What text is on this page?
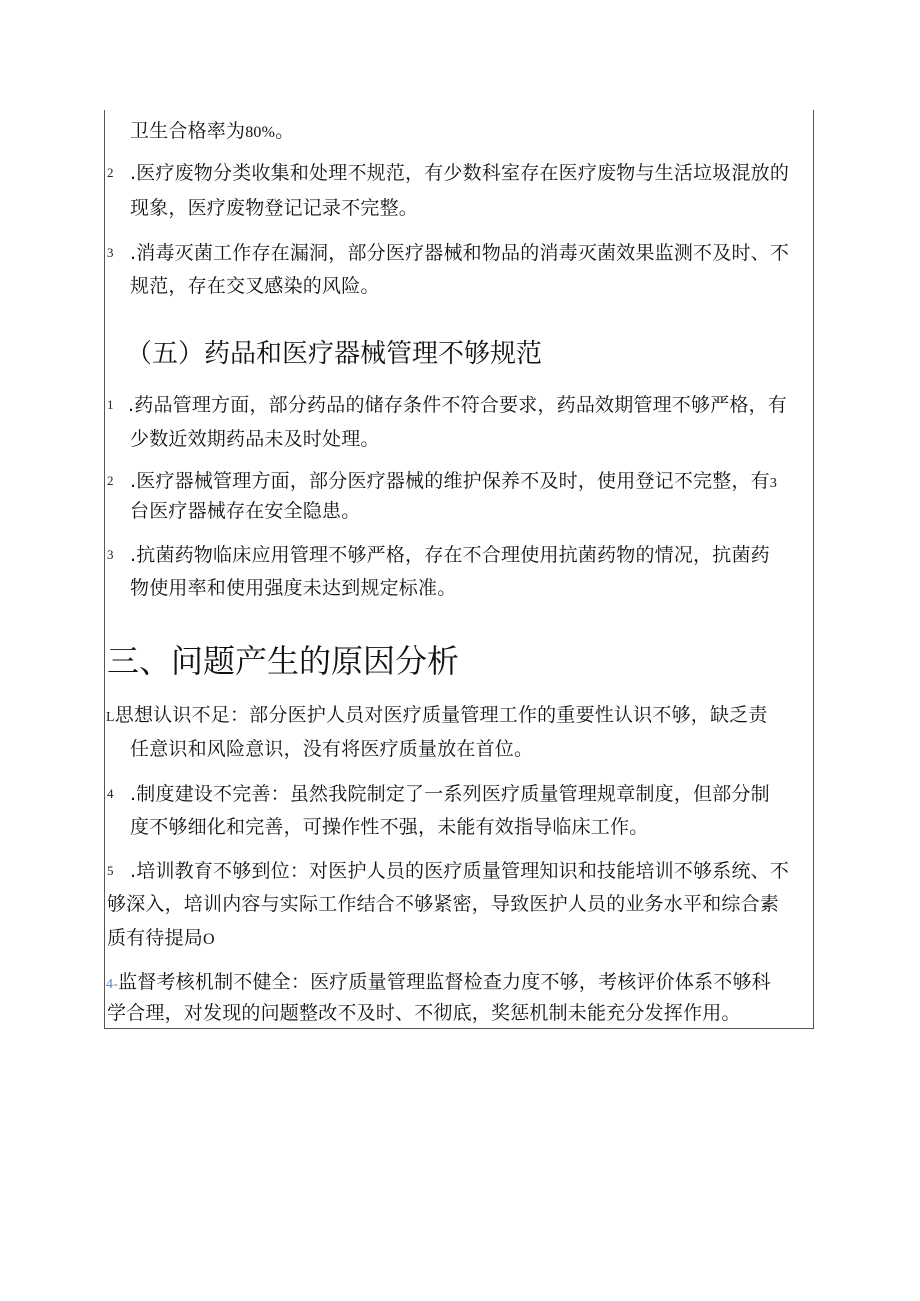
卫生合格率为80%。
2 .医疗废物分类收集和处理不规范，有少数科室存在医疗废物与生活垃圾混放的
现象，医疗废物登记记录不完整。
3 .消毒灭菌工作存在漏洞，部分医疗器械和物品的消毒灭菌效果监测不及时、不
规范，存在交叉感染的风险。
（五）药品和医疗器械管理不够规范
1 .药品管理方面，部分药品的储存条件不符合要求，药品效期管理不够严格，有
少数近效期药品未及时处理。
2 .医疗器械管理方面，部分医疗器械的维护保养不及时，使用登记不完整，有3
台医疗器械存在安全隐患。
3 .抗菌药物临床应用管理不够严格，存在不合理使用抗菌药物的情况，抗菌药
物使用率和使用强度未达到规定标准。
三、问题产生的原因分析
L思想认识不足：部分医护人员对医疗质量管理工作的重要性认识不够，缺乏责
任意识和风险意识，没有将医疗质量放在首位。
4 .制度建设不完善：虽然我院制定了一系列医疗质量管理规章制度，但部分制
度不够细化和完善，可操作性不强，未能有效指导临床工作。
5 .培训教育不够到位：对医护人员的医疗质量管理知识和技能培训不够系统、不
够深入，培训内容与实际工作结合不够紧密，导致医护人员的业务水平和综合素
质有待提局O
4-监督考核机制不健全：医疗质量管理监督检查力度不够，考核评价体系不够科
学合理，对发现的问题整改不及时、不彻底，奖惩机制未能充分发挥作用。
